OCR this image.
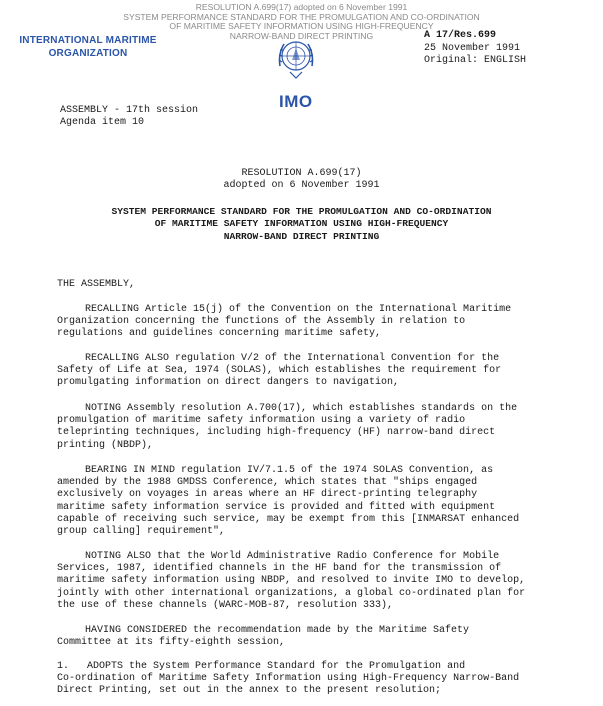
RESOLUTION A.699(17) adopted on 6 November 1991
SYSTEM PERFORMANCE STANDARD FOR THE PROMULGATION AND CO-ORDINATION
OF MARITIME SAFETY INFORMATION USING HIGH-FREQUENCY
NARROW-BAND DIRECT PRINTING
INTERNATIONAL MARITIME
ORGANIZATION
IMO
A 17/Res.699
25 November 1991
Original: ENGLISH
ASSEMBLY - 17th session
Agenda item 10
RESOLUTION A.699(17)
adopted on 6 November 1991
SYSTEM PERFORMANCE STANDARD FOR THE PROMULGATION AND CO-ORDINATION
OF MARITIME SAFETY INFORMATION USING HIGH-FREQUENCY
NARROW-BAND DIRECT PRINTING
THE ASSEMBLY,
RECALLING Article 15(j) of the Convention on the International Maritime
Organization concerning the functions of the Assembly in relation to
regulations and guidelines concerning maritime safety,
RECALLING ALSO regulation V/2 of the International Convention for the
Safety of Life at Sea, 1974 (SOLAS), which establishes the requirement for
promulgating information on direct dangers to navigation,
NOTING Assembly resolution A.700(17), which establishes standards on the
promulgation of maritime safety information using a variety of radio
teleprinting techniques, including high-frequency (HF) narrow-band direct
printing (NBDP),
BEARING IN MIND regulation IV/7.1.5 of the 1974 SOLAS Convention, as
amended by the 1988 GMDSS Conference, which states that "ships engaged
exclusively on voyages in areas where an HF direct-printing telegraphy
maritime safety information service is provided and fitted with equipment
capable of receiving such service, may be exempt from this [INMARSAT enhanced
group calling] requirement",
NOTING ALSO that the World Administrative Radio Conference for Mobile
Services, 1987, identified channels in the HF band for the transmission of
maritime safety information using NBDP, and resolved to invite IMO to develop,
jointly with other international organizations, a global co-ordinated plan for
the use of these channels (WARC-MOB-87, resolution 333),
HAVING CONSIDERED the recommendation made by the Maritime Safety
Committee at its fifty-eighth session,
1.   ADOPTS the System Performance Standard for the Promulgation and
Co-ordination of Maritime Safety Information using High-Frequency Narrow-Band
Direct Printing, set out in the annex to the present resolution;
